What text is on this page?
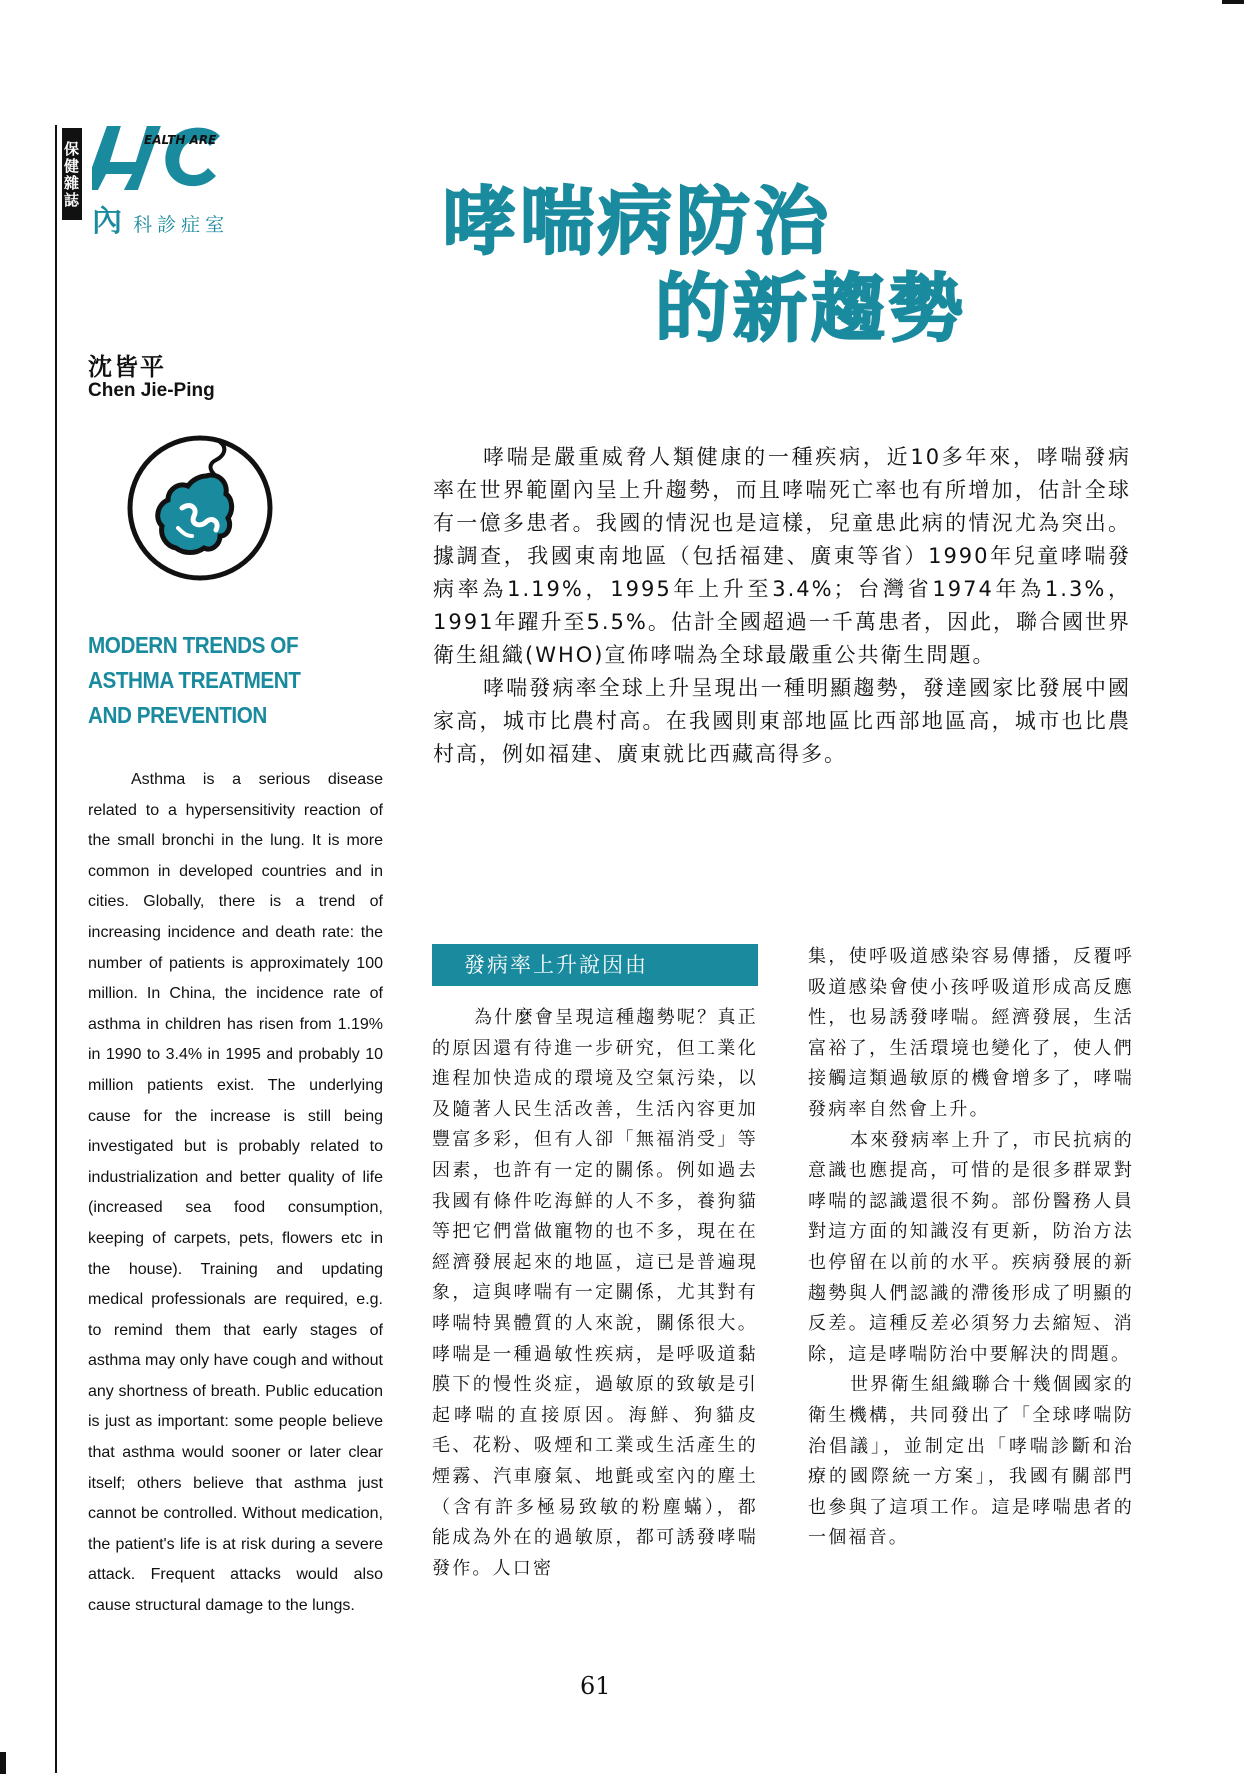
保健雜誌
EALTH ARE
內 科診症室	哮喘病防治
的新趨勢
沈皆平
Chen Jie-Ping
MODERN TRENDS OF
ASTHMA TREATMENT
AND PREVENTION

Asthma is a serious disease related to a hypersensitivity reaction of the small bronchi in the lung. It is more common in developed countries and in cities. Globally, there is a trend of increasing incidence and death rate: the number of patients is approximately 100 million. In China, the incidence rate of asthma in children has risen from 1.19% in 1990 to 3.4% in 1995 and probably 10 million patients exist. The underlying cause for the increase is still being investigated but is probably related to industrialization and better quality of life (increased sea food consumption, keeping of carpets, pets, flowers etc in the house). Training and updating medical professionals are required, e.g. to remind them that early stages of asthma may only have cough and without any shortness of breath. Public education is just as important: some people believe that asthma would sooner or later clear itself; others believe that asthma just cannot be controlled. Without medication, the patient's life is at risk during a severe attack. Frequent attacks would also cause structural damage to the lungs.

哮喘是嚴重威脅人類健康的一種疾病，近10多年來，哮喘發病率在世界範圍內呈上升趨勢，而且哮喘死亡率也有所增加，估計全球有一億多患者。我國的情況也是這樣，兒童患此病的情況尤為突出。據調查，我國東南地區（包括福建、廣東等省）1990年兒童哮喘發病率為1.19%，1995年上升至3.4%；台灣省1974年為1.3%，1991年躍升至5.5%。估計全國超過一千萬患者，因此，聯合國世界衛生組織(WHO)宣佈哮喘為全球最嚴重公共衛生問題。

哮喘發病率全球上升呈現出一種明顯趨勢，發達國家比發展中國家高，城市比農村高。在我國則東部地區比西部地區高，城市也比農村高，例如福建、廣東就比西藏高得多。

發病率上升說因由

為什麼會呈現這種趨勢呢？真正的原因還有待進一步研究，但工業化進程加快造成的環境及空氣污染，以及隨著人民生活改善，生活內容更加豐富多彩，但有人卻「無福消受」等因素，也許有一定的關係。例如過去我國有條件吃海鮮的人不多，養狗貓等把它們當做寵物的也不多，現在在經濟發展起來的地區，這已是普遍現象，這與哮喘有一定關係，尤其對有哮喘特異體質的人來說，關係很大。哮喘是一種過敏性疾病，是呼吸道黏膜下的慢性炎症，過敏原的致敏是引起哮喘的直接原因。海鮮、狗貓皮毛、花粉、吸煙和工業或生活產生的煙霧、汽車廢氣、地氈或室內的塵土（含有許多極易致敏的粉塵蟎），都能成為外在的過敏原，都可誘發哮喘發作。人口密

集，使呼吸道感染容易傳播，反覆呼吸道感染會使小孩呼吸道形成高反應性，也易誘發哮喘。經濟發展，生活富裕了，生活環境也變化了，使人們接觸這類過敏原的機會增多了，哮喘發病率自然會上升。

本來發病率上升了，市民抗病的意識也應提高，可惜的是很多群眾對哮喘的認識還很不夠。部份醫務人員對這方面的知識沒有更新，防治方法也停留在以前的水平。疾病發展的新趨勢與人們認識的滯後形成了明顯的反差。這種反差必須努力去縮短、消除，這是哮喘防治中要解決的問題。

世界衛生組織聯合十幾個國家的衛生機構，共同發出了「全球哮喘防治倡議」，並制定出「哮喘診斷和治療的國際統一方案」，我國有關部門也參與了這項工作。這是哮喘患者的一個福音。

61
